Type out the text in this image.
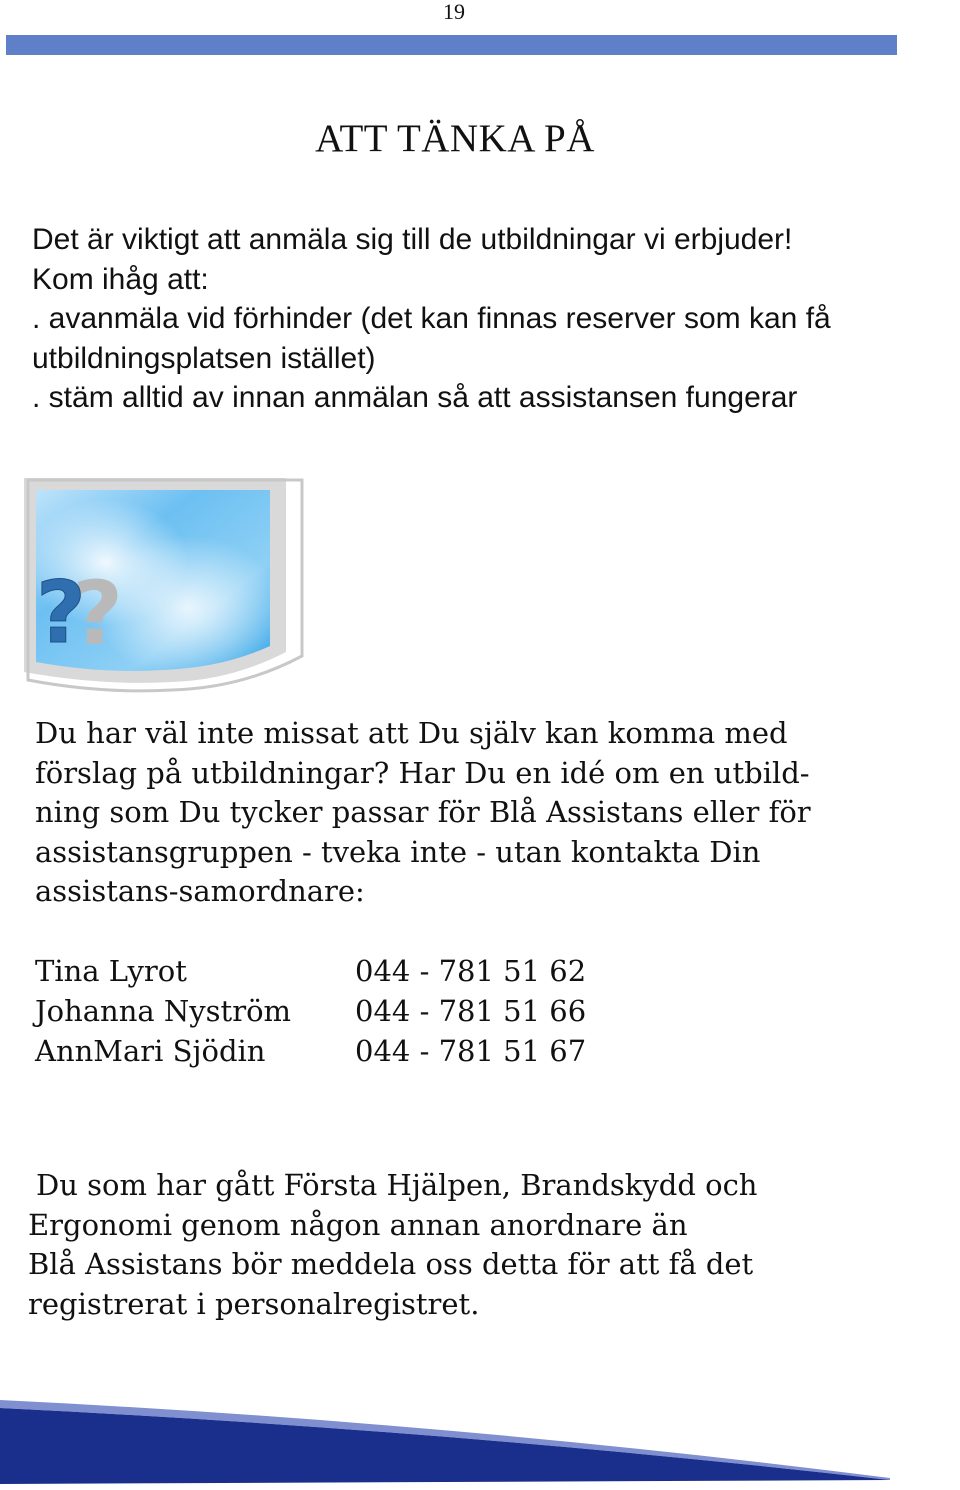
19
ATT TÄNKA PÅ
Det är viktigt att anmäla sig till de utbildningar vi erbjuder!
Kom ihåg att:
. avanmäla vid förhinder (det kan finnas reserver som kan få
utbildningsplatsen istället)
. stäm alltid av innan anmälan så att assistansen fungerar
?
?
Du har väl inte missat att Du själv kan komma med
förslag på utbildningar? Har Du en idé om en utbild-
ning som Du tycker passar för Blå Assistans eller för
assistansgruppen - tveka inte - utan kontakta Din
assistans-samordnare:
Tina Lyrot	044 - 781 51 62
Johanna Nyström 044 - 781 51 66
AnnMari Sjödin	044 - 781 51 67
Du som har gått Första Hjälpen, Brandskydd och
Ergonomi genom någon annan anordnare än
Blå Assistans bör meddela oss detta för att få det
registrerat i personalregistret.
